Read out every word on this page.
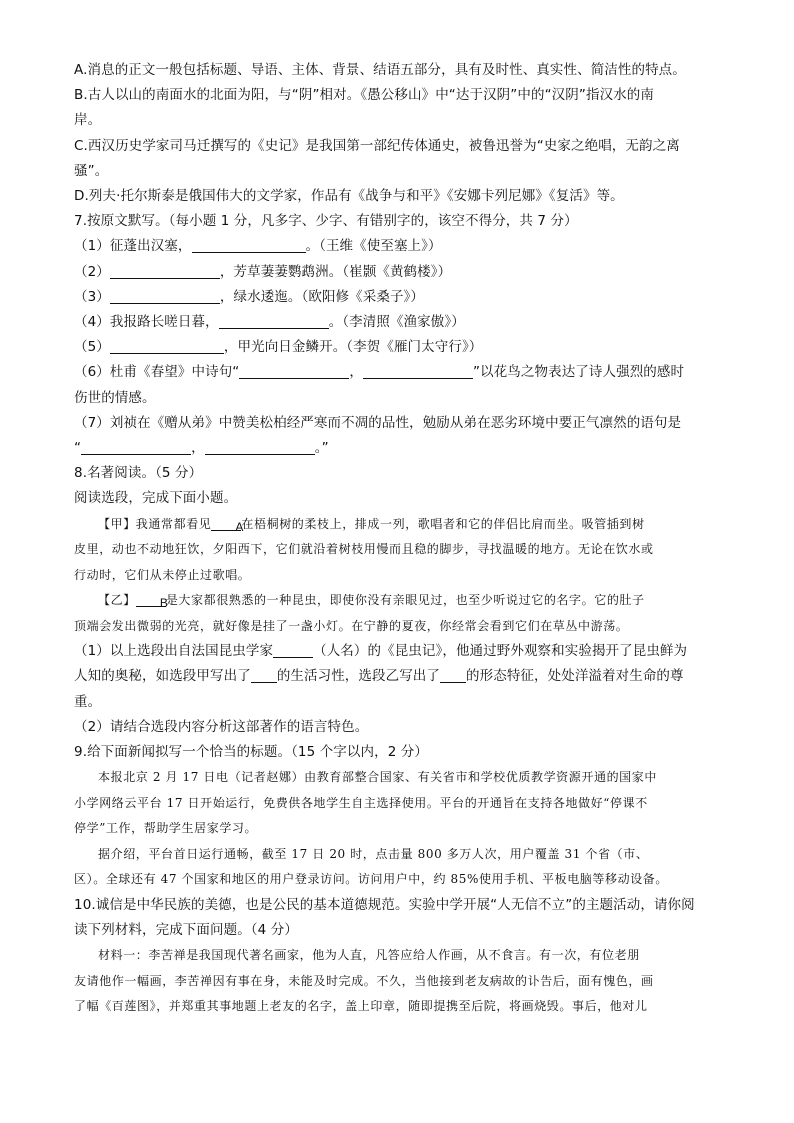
A.消息的正文一般包括标题、导语、主体、背景、结语五部分，具有及时性、真实性、简洁性的特点。
B.古人以山的南面水的北面为阳，与“阴”相对。《愚公移山》中“达于汉阴”中的“汉阴”指汉水的南
岸。
C.西汉历史学家司马迁撰写的《史记》是我国第一部纪传体通史，被鲁迅誉为“史家之绝唱，无韵之离
骚”。
D.列夫·托尔斯泰是俄国伟大的文学家，作品有《战争与和平》《安娜卡列尼娜》《复活》等。
7.按原文默写。（每小题 1 分，凡多字、少字、有错别字的，该空不得分，共 7 分）
（1）征蓬出汉塞，	。（王维《使至塞上》）
（2）	，芳草萋萋鹦鹉洲。（崔颢《黄鹤楼》）
（3）	，绿水逶迤。（欧阳修《采桑子》）
（4）我报路长嗟日暮，	。（李清照《渔家傲》）
（5）	，甲光向日金鳞开。（李贺《雁门太守行》）
（6）杜甫《春望》中诗句“	，	”以花鸟之物表达了诗人强烈的感时
伤世的情感。
（7）刘祯在《赠从弟》中赞美松柏经严寒而不凋的品性，勉励从弟在恶劣环境中要正气凛然的语句是
“	，	。”
8.名著阅读。（5 分）
阅读选段，完成下面小题。
【甲】我通常都看见 A在梧桐树的柔枝上，排成一列，歌唱者和它的伴侣比肩而坐。吸管插到树
皮里，动也不动地狂饮，夕阳西下，它们就沿着树枝用慢而且稳的脚步，寻找温暖的地方。无论在饮水或
行动时，它们从未停止过歌唱。
【乙】 B是大家都很熟悉的一种昆虫，即使你没有亲眼见过，也至少听说过它的名字。它的肚子
顶端会发出微弱的光亮，就好像是挂了一盏小灯。在宁静的夏夜，你经常会看到它们在草丛中游荡。
（1）以上选段出自法国昆虫学家	（人名）的《昆虫记》，他通过野外观察和实验揭开了昆虫鲜为
人知的奥秘，如选段甲写出了 的生活习性，选段乙写出了 的形态特征，处处洋溢着对生命的尊
重。
（2）请结合选段内容分析这部著作的语言特色。
9.给下面新闻拟写一个恰当的标题。（15 个字以内，2 分）
本报北京 2 月 17 日电（记者赵娜）由教育部整合国家、有关省市和学校优质教学资源开通的国家中
小学网络云平台 17 日开始运行，免费供各地学生自主选择使用。平台的开通旨在支持各地做好“停课不
停学”工作，帮助学生居家学习。
据介绍，平台首日运行通畅，截至 17 日 20 时，点击量 800 多万人次，用户覆盖 31 个省（市、
区）。全球还有 47 个国家和地区的用户登录访问。访问用户中，约 85%使用手机、平板电脑等移动设备。
10.诚信是中华民族的美德，也是公民的基本道德规范。实验中学开展“人无信不立”的主题活动，请你阅
读下列材料，完成下面问题。（4 分）
材料一：李苦禅是我国现代著名画家，他为人直，凡答应给人作画，从不食言。有一次，有位老朋
友请他作一幅画，李苦禅因有事在身，未能及时完成。不久，当他接到老友病故的讣告后，面有愧色，画
了幅《百莲图》，并郑重其事地题上老友的名字，盖上印章，随即提携至后院，将画烧毁。事后，他对儿
